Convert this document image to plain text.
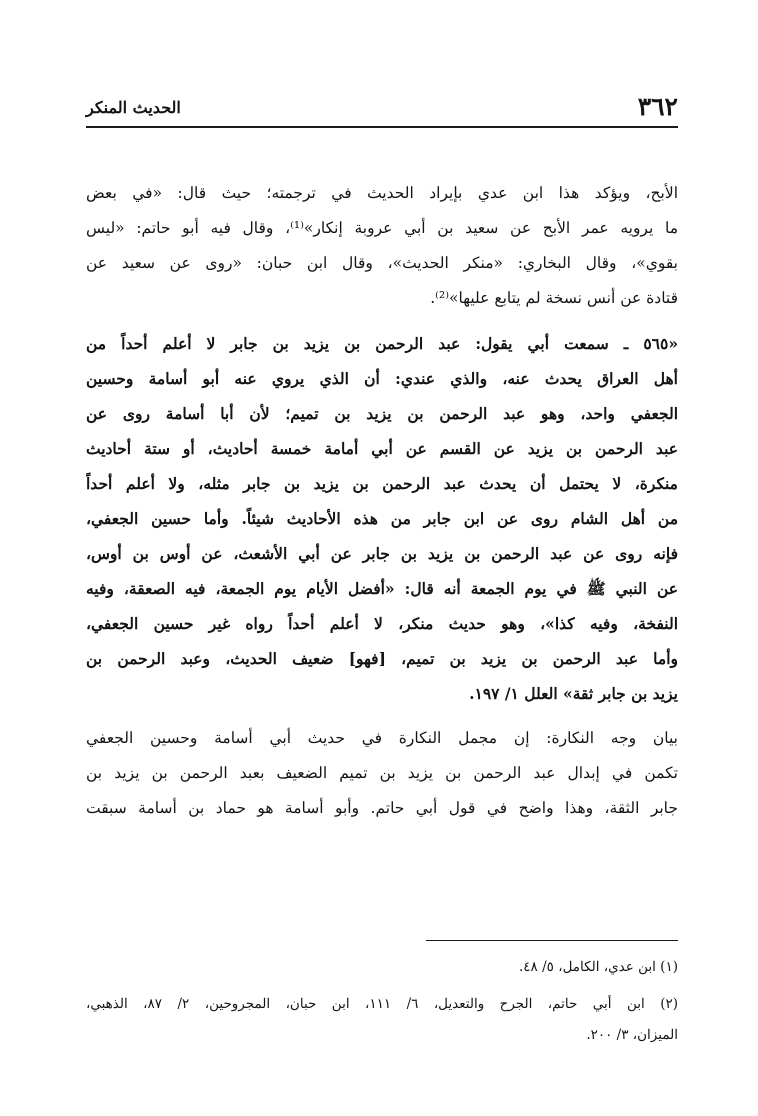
٣٦٢
الحديث المنكر
الأبح، ويؤكد هذا ابن عدي بإيراد الحديث في ترجمته؛ حيث قال: «في بعض
ما يرويه عمر الأبح عن سعيد بن أبي عروبة إنكار»⁽¹⁾، وقال فيه أبو حاتم: «ليس
بقوي»، وقال البخاري: «منكر الحديث»، وقال ابن حبان: «روى عن سعيد عن
قتادة عن أنس نسخة لم يتابع عليها»⁽²⁾.
«٥٦٥ ـ سمعت أبي يقول: عبد الرحمن بن يزيد بن جابر لا أعلم أحداً من
أهل العراق يحدث عنه، والذي عندي: أن الذي يروي عنه أبو أسامة وحسين
الجعفي واحد، وهو عبد الرحمن بن يزيد بن تميم؛ لأن أبا أسامة روى عن
عبد الرحمن بن يزيد عن القسم عن أبي أمامة خمسة أحاديث، أو ستة أحاديث
منكرة، لا يحتمل أن يحدث عبد الرحمن بن يزيد بن جابر مثله، ولا أعلم أحداً
من أهل الشام روى عن ابن جابر من هذه الأحاديث شيئاً. وأما حسين الجعفي،
فإنه روى عن عبد الرحمن بن يزيد بن جابر عن أبي الأشعث، عن أوس بن أوس،
عن النبي ﷺ في يوم الجمعة أنه قال: «أفضل الأيام يوم الجمعة، فيه الصعقة، وفيه
النفخة، وفيه كذا»، وهو حديث منكر، لا أعلم أحداً رواه غير حسين الجعفي،
وأما عبد الرحمن بن يزيد بن تميم، [فهو] ضعيف الحديث، وعبد الرحمن بن
يزيد بن جابر ثقة» العلل ١/ ١٩٧.
بيان وجه النكارة: إن مجمل النكارة في حديث أبي أسامة وحسين الجعفي
تكمن في إبدال عبد الرحمن بن يزيد بن تميم الضعيف بعبد الرحمن بن يزيد بن
جابر الثقة، وهذا واضح في قول أبي حاتم. وأبو أسامة هو حماد بن أسامة سبقت
(١) ابن عدي، الكامل، ٥/ ٤٨.
(٢) ابن أبي حاتم، الجرح والتعديل، ٦/ ١١١، ابن حبان، المجروحين، ٢/ ٨٧، الذهبي،
الميزان، ٣/ ٢٠٠.
